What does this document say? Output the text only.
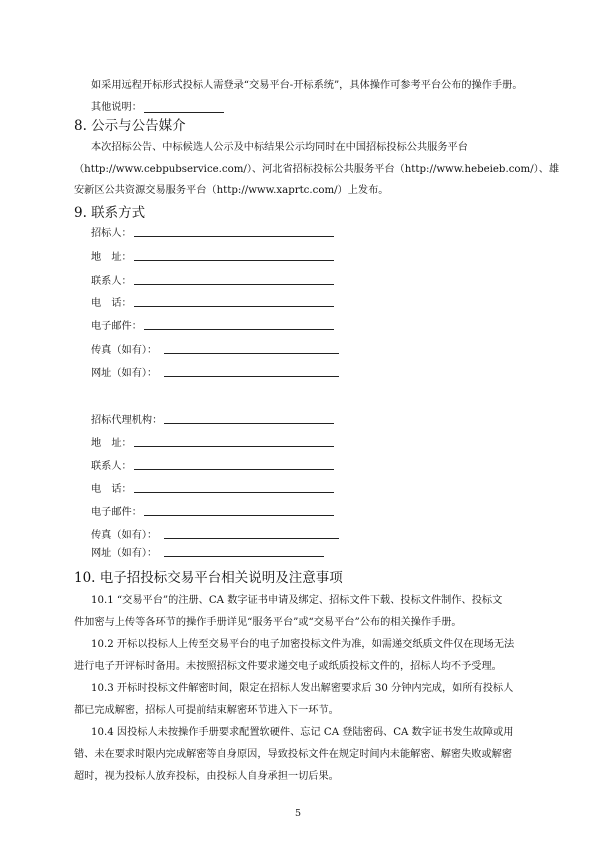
如采用远程开标形式投标人需登录“交易平台-开标系统”，具体操作可参考平台公布的操作手册。
其他说明：
8. 公示与公告媒介
本次招标公告、中标候选人公示及中标结果公示均同时在中国招标投标公共服务平台
（http://www.cebpubservice.com/）、河北省招标投标公共服务平台（http://www.hebeieb.com/）、雄
安新区公共资源交易服务平台（http://www.xaprtc.com/）上发布。
9. 联系方式
招标人：
地　址：
联系人：
电　话：
电子邮件：
传真（如有）：
网址（如有）：
招标代理机构：
地　址：
联系人：
电　话：
电子邮件：
传真（如有）：
网址（如有）：
10. 电子招投标交易平台相关说明及注意事项
10.1 “交易平台”的注册、CA 数字证书申请及绑定、招标文件下载、投标文件制作、投标文
件加密与上传等各环节的操作手册详见“服务平台”或“交易平台”公布的相关操作手册。
10.2 开标以投标人上传至交易平台的电子加密投标文件为准，如需递交纸质文件仅在现场无法
进行电子开评标时备用。未按照招标文件要求递交电子或纸质投标文件的，招标人均不予受理。
10.3 开标时投标文件解密时间，限定在招标人发出解密要求后 30 分钟内完成，如所有投标人
都已完成解密，招标人可提前结束解密环节进入下一环节。
10.4 因投标人未按操作手册要求配置软硬件、忘记 CA 登陆密码、CA 数字证书发生故障或用
错、未在要求时限内完成解密等自身原因，导致投标文件在规定时间内未能解密、解密失败或解密
超时，视为投标人放弃投标，由投标人自身承担一切后果。
5
